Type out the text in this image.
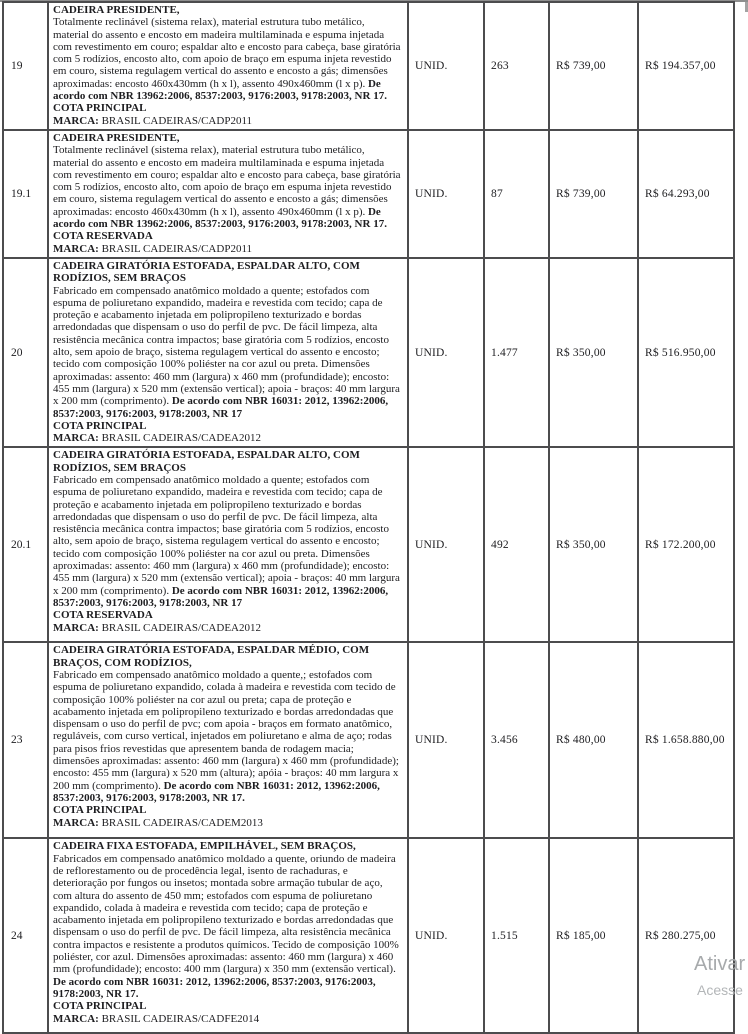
19	CADEIRA PRESIDENTE,
Totalmente reclinável (sistema relax), material estrutura tubo metálico, material do assento e encosto em madeira multilaminada e espuma injetada com revestimento em couro; espaldar alto e encosto para cabeça, base giratória com 5 rodízios, encosto alto, com apoio de braço em espuma injeta revestido em couro, sistema regulagem vertical do assento e encosto a gás; dimensões aproximadas: encosto 460x430mm (h x l), assento 490x460mm (l x p). De acordo com NBR 13962:2006, 8537:2003, 9176:2003, 9178:2003, NR 17.
COTA PRINCIPAL
MARCA: BRASIL CADEIRAS/CADP2011	UNID.	263	R$ 739,00	R$ 194.357,00
19.1	CADEIRA PRESIDENTE,
Totalmente reclinável (sistema relax), material estrutura tubo metálico, material do assento e encosto em madeira multilaminada e espuma injetada com revestimento em couro; espaldar alto e encosto para cabeça, base giratória com 5 rodízios, encosto alto, com apoio de braço em espuma injeta revestido em couro, sistema regulagem vertical do assento e encosto a gás; dimensões aproximadas: encosto 460x430mm (h x l), assento 490x460mm (l x p). De acordo com NBR 13962:2006, 8537:2003, 9176:2003, 9178:2003, NR 17.
COTA RESERVADA
MARCA: BRASIL CADEIRAS/CADP2011	UNID.	87	R$ 739,00	R$ 64.293,00
20	CADEIRA GIRATÓRIA ESTOFADA, ESPALDAR ALTO, COM RODÍZIOS, SEM BRAÇOS
Fabricado em compensado anatômico moldado a quente; estofados com espuma de poliuretano expandido, madeira e revestida com tecido; capa de proteção e acabamento injetada em polipropileno texturizado e bordas arredondadas que dispensam o uso do perfil de pvc. De fácil limpeza, alta resistência mecânica contra impactos; base giratória com 5 rodízios, encosto alto, sem apoio de braço, sistema regulagem vertical do assento e encosto; tecido com composição 100% poliéster na cor azul ou preta. Dimensões aproximadas: assento: 460 mm (largura) x 460 mm (profundidade); encosto: 455 mm (largura) x 520 mm (extensão vertical); apoia - braços: 40 mm largura x 200 mm (comprimento). De acordo com NBR 16031: 2012, 13962:2006, 8537:2003, 9176:2003, 9178:2003, NR 17
COTA PRINCIPAL
MARCA: BRASIL CADEIRAS/CADEA2012	UNID.	1.477	R$ 350,00	R$ 516.950,00
20.1	CADEIRA GIRATÓRIA ESTOFADA, ESPALDAR ALTO, COM RODÍZIOS, SEM BRAÇOS
Fabricado em compensado anatômico moldado a quente; estofados com espuma de poliuretano expandido, madeira e revestida com tecido; capa de proteção e acabamento injetada em polipropileno texturizado e bordas arredondadas que dispensam o uso do perfil de pvc. De fácil limpeza, alta resistência mecânica contra impactos; base giratória com 5 rodízios, encosto alto, sem apoio de braço, sistema regulagem vertical do assento e encosto; tecido com composição 100% poliéster na cor azul ou preta. Dimensões aproximadas: assento: 460 mm (largura) x 460 mm (profundidade); encosto: 455 mm (largura) x 520 mm (extensão vertical); apoia - braços: 40 mm largura x 200 mm (comprimento). De acordo com NBR 16031: 2012, 13962:2006, 8537:2003, 9176:2003, 9178:2003, NR 17
COTA RESERVADA
MARCA: BRASIL CADEIRAS/CADEA2012	UNID.	492	R$ 350,00	R$ 172.200,00
23	CADEIRA GIRATÓRIA ESTOFADA, ESPALDAR MÉDIO, COM BRAÇOS, COM RODÍZIOS,
Fabricado em compensado anatômico moldado a quente,; estofados com espuma de poliuretano expandido, colada à madeira e revestida com tecido de composição 100% poliéster na cor azul ou preta; capa de proteção e acabamento injetada em polipropileno texturizado e bordas arredondadas que dispensam o uso do perfil de pvc; com apoia - braços em formato anatômico, reguláveis, com curso vertical, injetados em poliuretano e alma de aço; rodas para pisos frios revestidas que apresentem banda de rodagem macia; dimensões aproximadas: assento: 460 mm (largura) x 460 mm (profundidade); encosto: 455 mm (largura) x 520 mm (altura); apóia - braços: 40 mm largura x 200 mm (comprimento). De acordo com NBR 16031: 2012, 13962:2006, 8537:2003, 9176:2003, 9178:2003, NR 17.
COTA PRINCIPAL
MARCA: BRASIL CADEIRAS/CADEM2013	UNID.	3.456	R$ 480,00	R$ 1.658.880,00
24	CADEIRA FIXA ESTOFADA, EMPILHÁVEL, SEM BRAÇOS,
Fabricados em compensado anatômico moldado a quente, oriundo de madeira de reflorestamento ou de procedência legal, isento de rachaduras, e deterioração por fungos ou insetos; montada sobre armação tubular de aço, com altura do assento de 450 mm; estofados com espuma de poliuretano expandido, colada à madeira e revestida com tecido; capa de proteção e acabamento injetada em polipropileno texturizado e bordas arredondadas que dispensam o uso do perfil de pvc. De fácil limpeza, alta resistência mecânica contra impactos e resistente a produtos químicos. Tecido de composição 100% poliéster, cor azul. Dimensões aproximadas: assento: 460 mm (largura) x 460 mm (profundidade); encosto: 400 mm (largura) x 350 mm (extensão vertical). De acordo com NBR 16031: 2012, 13962:2006, 8537:2003, 9176:2003, 9178:2003, NR 17.
COTA PRINCIPAL
MARCA: BRASIL CADEIRAS/CADFE2014	UNID.	1.515	R$ 185,00	R$ 280.275,00
Ativar
Acesse
